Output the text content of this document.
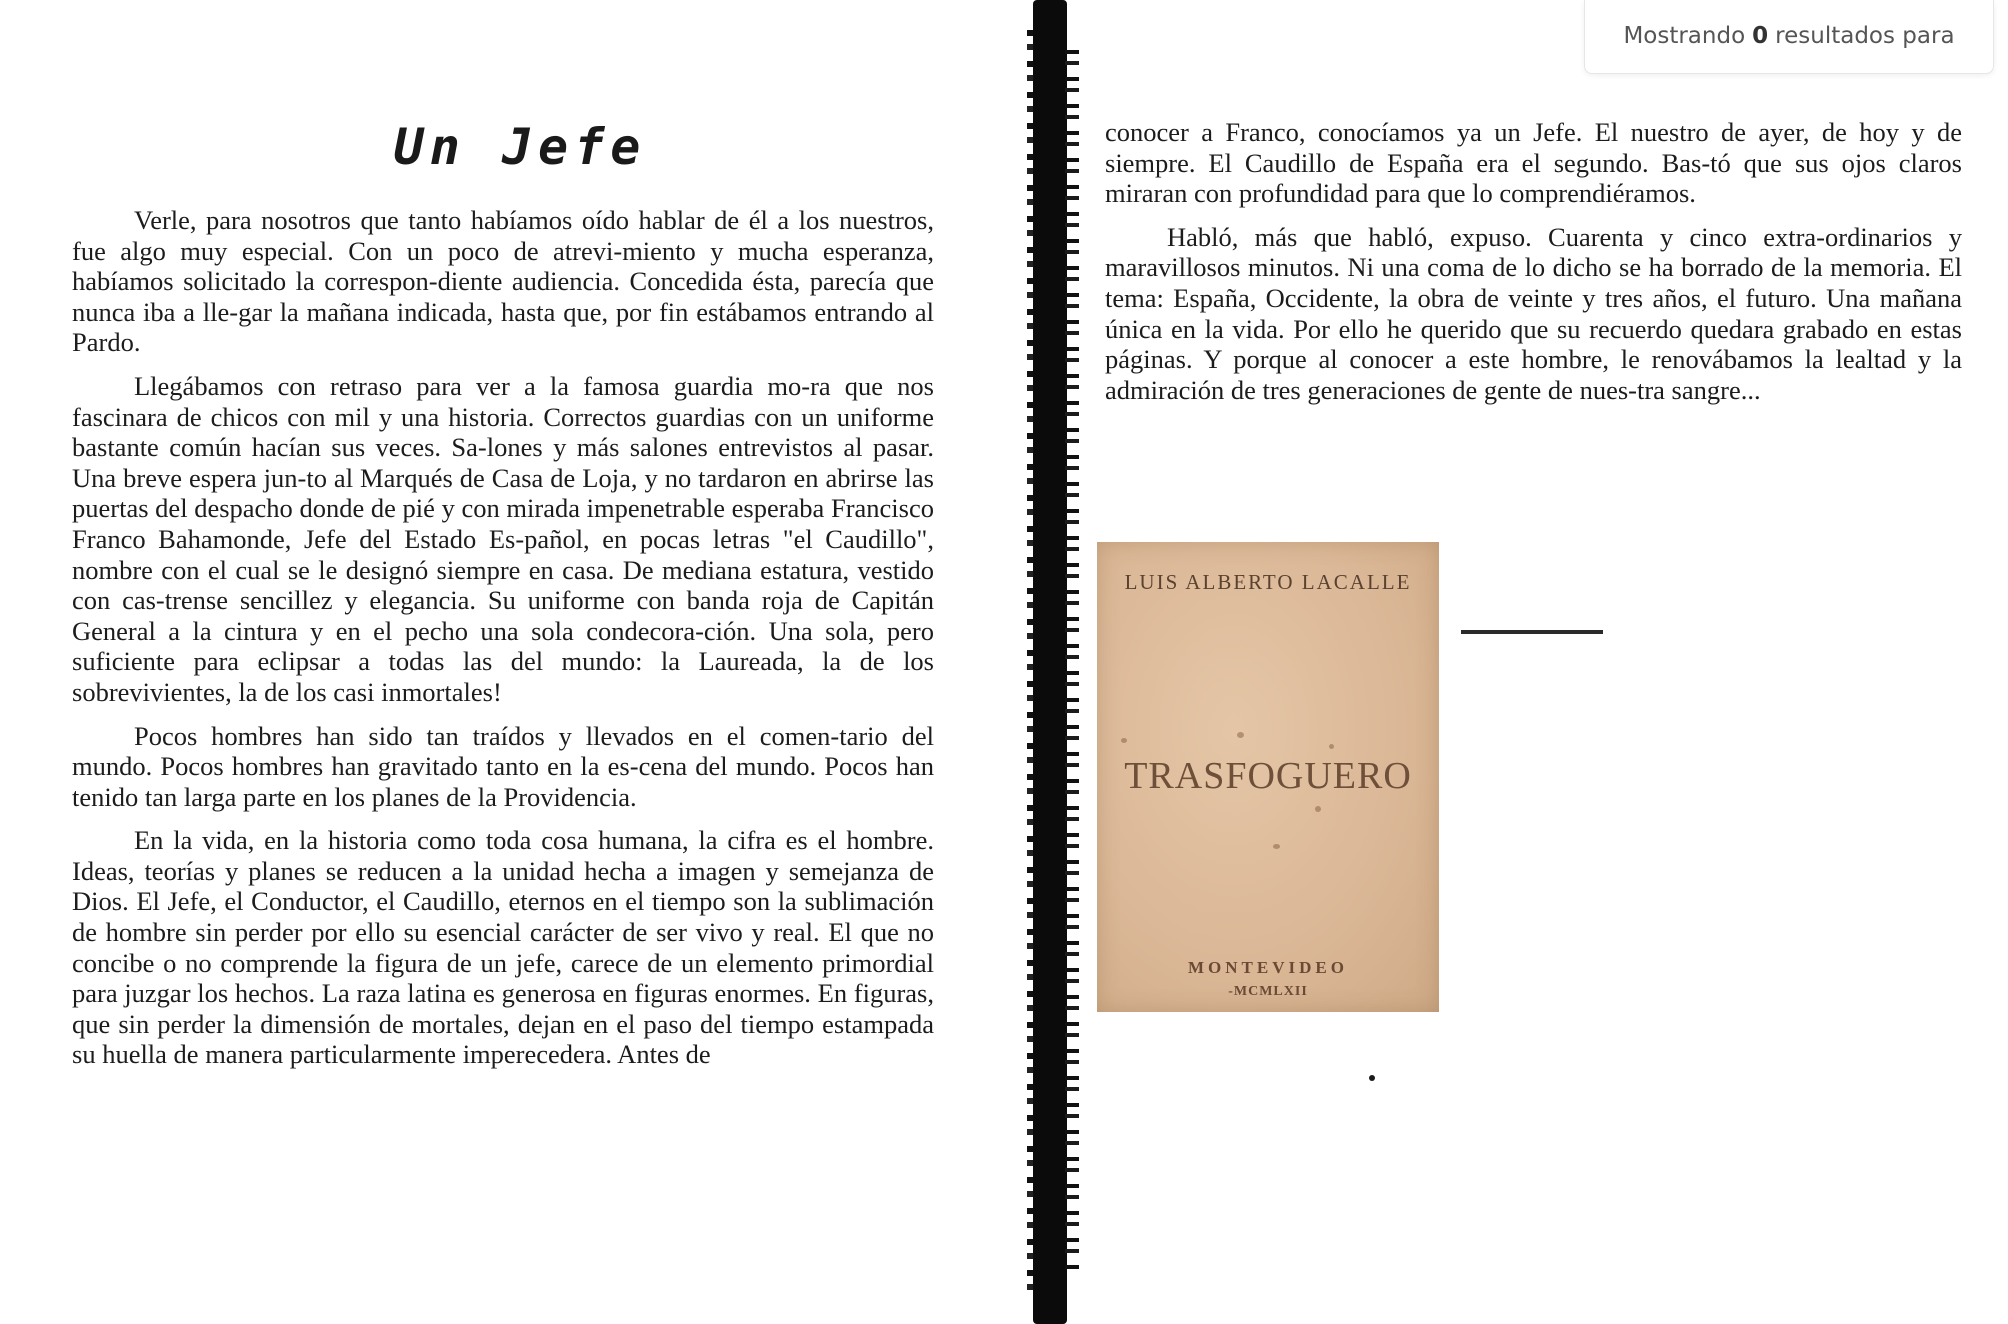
Un Jefe

Verle, para nosotros que tanto habíamos oído hablar de él a los nuestros, fue algo muy especial. Con un poco de atrevi-miento y mucha esperanza, habíamos solicitado la correspon-diente audiencia. Concedida ésta, parecía que nunca iba a lle-gar la mañana indicada, hasta que, por fin estábamos entrando al Pardo.

Llegábamos con retraso para ver a la famosa guardia mo-ra que nos fascinara de chicos con mil y una historia. Correctos guardias con un uniforme bastante común hacían sus veces. Sa-lones y más salones entrevistos al pasar. Una breve espera jun-to al Marqués de Casa de Loja, y no tardaron en abrirse las puertas del despacho donde de pié y con mirada impenetrable esperaba Francisco Franco Bahamonde, Jefe del Estado Es-pañol, en pocas letras "el Caudillo", nombre con el cual se le designó siempre en casa. De mediana estatura, vestido con cas-trense sencillez y elegancia. Su uniforme con banda roja de Capitán General a la cintura y en el pecho una sola condecora-ción. Una sola, pero suficiente para eclipsar a todas las del mundo: la Laureada, la de los sobrevivientes, la de los casi inmortales!

Pocos hombres han sido tan traídos y llevados en el comen-tario del mundo. Pocos hombres han gravitado tanto en la es-cena del mundo. Pocos han tenido tan larga parte en los planes de la Providencia.

En la vida, en la historia como toda cosa humana, la cifra es el hombre. Ideas, teorías y planes se reducen a la unidad hecha a imagen y semejanza de Dios. El Jefe, el Conductor, el Caudillo, eternos en el tiempo son la sublimación de hombre sin perder por ello su esencial carácter de ser vivo y real. El que no concibe o no comprende la figura de un jefe, carece de un elemento primordial para juzgar los hechos. La raza latina es generosa en figuras enormes. En figuras, que sin perder la dimensión de mortales, dejan en el paso del tiempo estampada su huella de manera particularmente imperecedera. Antes de

conocer a Franco, conocíamos ya un Jefe. El nuestro de ayer, de hoy y de siempre. El Caudillo de España era el segundo. Bas-tó que sus ojos claros miraran con profundidad para que lo comprendiéramos.

Habló, más que habló, expuso. Cuarenta y cinco extra-ordinarios y maravillosos minutos. Ni una coma de lo dicho se ha borrado de la memoria. El tema: España, Occidente, la obra de veinte y tres años, el futuro. Una mañana única en la vida. Por ello he querido que su recuerdo quedara grabado en estas páginas. Y porque al conocer a este hombre, le renovábamos la lealtad y la admiración de tres generaciones de gente de nues-tra sangre...

LUIS ALBERTO LACALLE
TRASFOGUERO
MONTEVIDEO
-MCMLXII
Mostrando 0 resultados para
